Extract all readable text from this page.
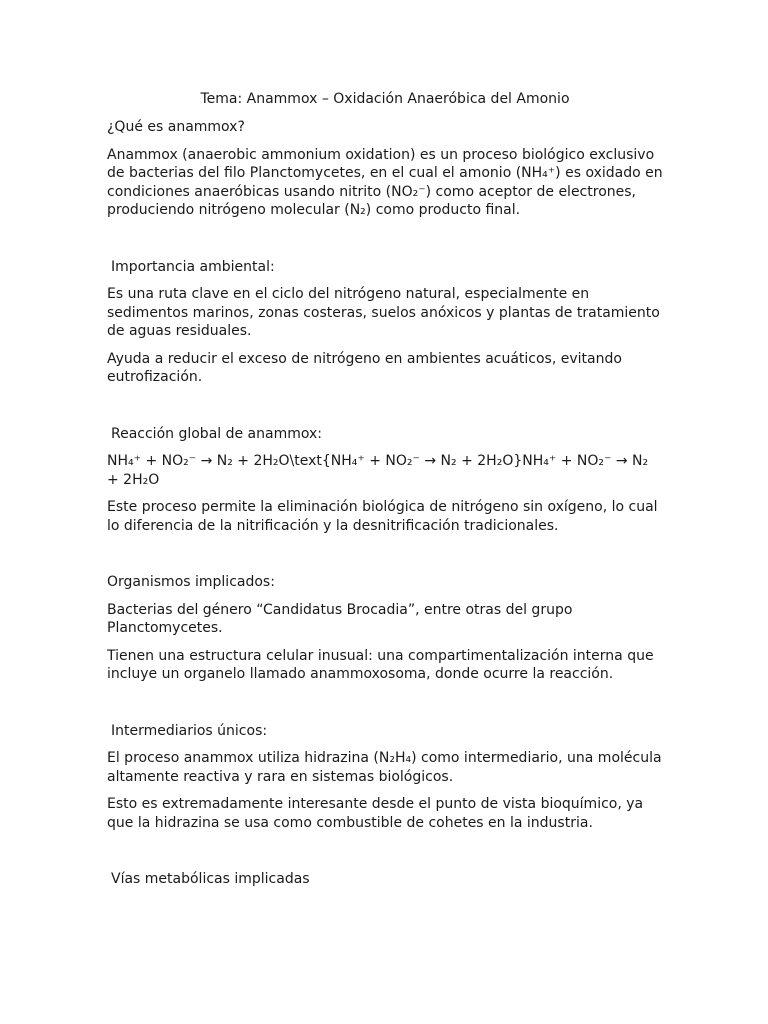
Tema: Anammox – Oxidación Anaeróbica del Amonio

¿Qué es anammox?

Anammox (anaerobic ammonium oxidation) es un proceso biológico exclusivo de bacterias del filo Planctomycetes, en el cual el amonio (NH₄⁺) es oxidado en condiciones anaeróbicas usando nitrito (NO₂⁻) como aceptor de electrones, produciendo nitrógeno molecular (N₂) como producto final.

Importancia ambiental:

Es una ruta clave en el ciclo del nitrógeno natural, especialmente en sedimentos marinos, zonas costeras, suelos anóxicos y plantas de tratamiento de aguas residuales.

Ayuda a reducir el exceso de nitrógeno en ambientes acuáticos, evitando eutrofización.

Reacción global de anammox:

NH₄⁺ + NO₂⁻ → N₂ + 2H₂O\text{NH₄⁺ + NO₂⁻ → N₂ + 2H₂O}NH₄⁺ + NO₂⁻ → N₂ + 2H₂O

Este proceso permite la eliminación biológica de nitrógeno sin oxígeno, lo cual lo diferencia de la nitrificación y la desnitrificación tradicionales.

Organismos implicados:

Bacterias del género “Candidatus Brocadia”, entre otras del grupo Planctomycetes.

Tienen una estructura celular inusual: una compartimentalización interna que incluye un organelo llamado anammoxosoma, donde ocurre la reacción.

Intermediarios únicos:

El proceso anammox utiliza hidrazina (N₂H₄) como intermediario, una molécula altamente reactiva y rara en sistemas biológicos.

Esto es extremadamente interesante desde el punto de vista bioquímico, ya que la hidrazina se usa como combustible de cohetes en la industria.

Vías metabólicas implicadas
